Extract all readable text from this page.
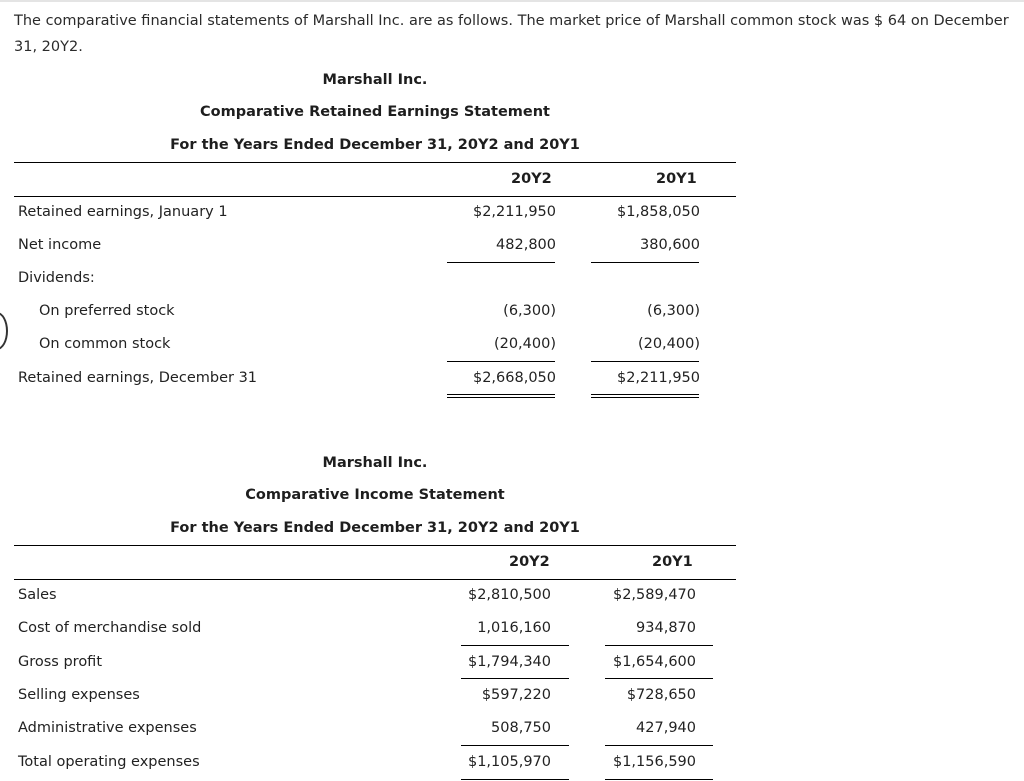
The comparative financial statements of Marshall Inc. are as follows. The market price of Marshall common stock was $ 64 on December 31, 20Y2.
Marshall Inc.
Comparative Retained Earnings Statement
For the Years Ended December 31, 20Y2 and 20Y1
20Y2	20Y1
Retained earnings, January 1	$2,211,950	$1,858,050
Net income	482,800	380,600
Dividends:
On preferred stock	(6,300)	(6,300)
On common stock	(20,400)	(20,400)
Retained earnings, December 31	$2,668,050	$2,211,950
Marshall Inc.
Comparative Income Statement
For the Years Ended December 31, 20Y2 and 20Y1
20Y2	20Y1
Sales	$2,810,500	$2,589,470
Cost of merchandise sold	1,016,160	934,870
Gross profit	$1,794,340	$1,654,600
Selling expenses	$597,220	$728,650
Administrative expenses	508,750	427,940
Total operating expenses	$1,105,970	$1,156,590
